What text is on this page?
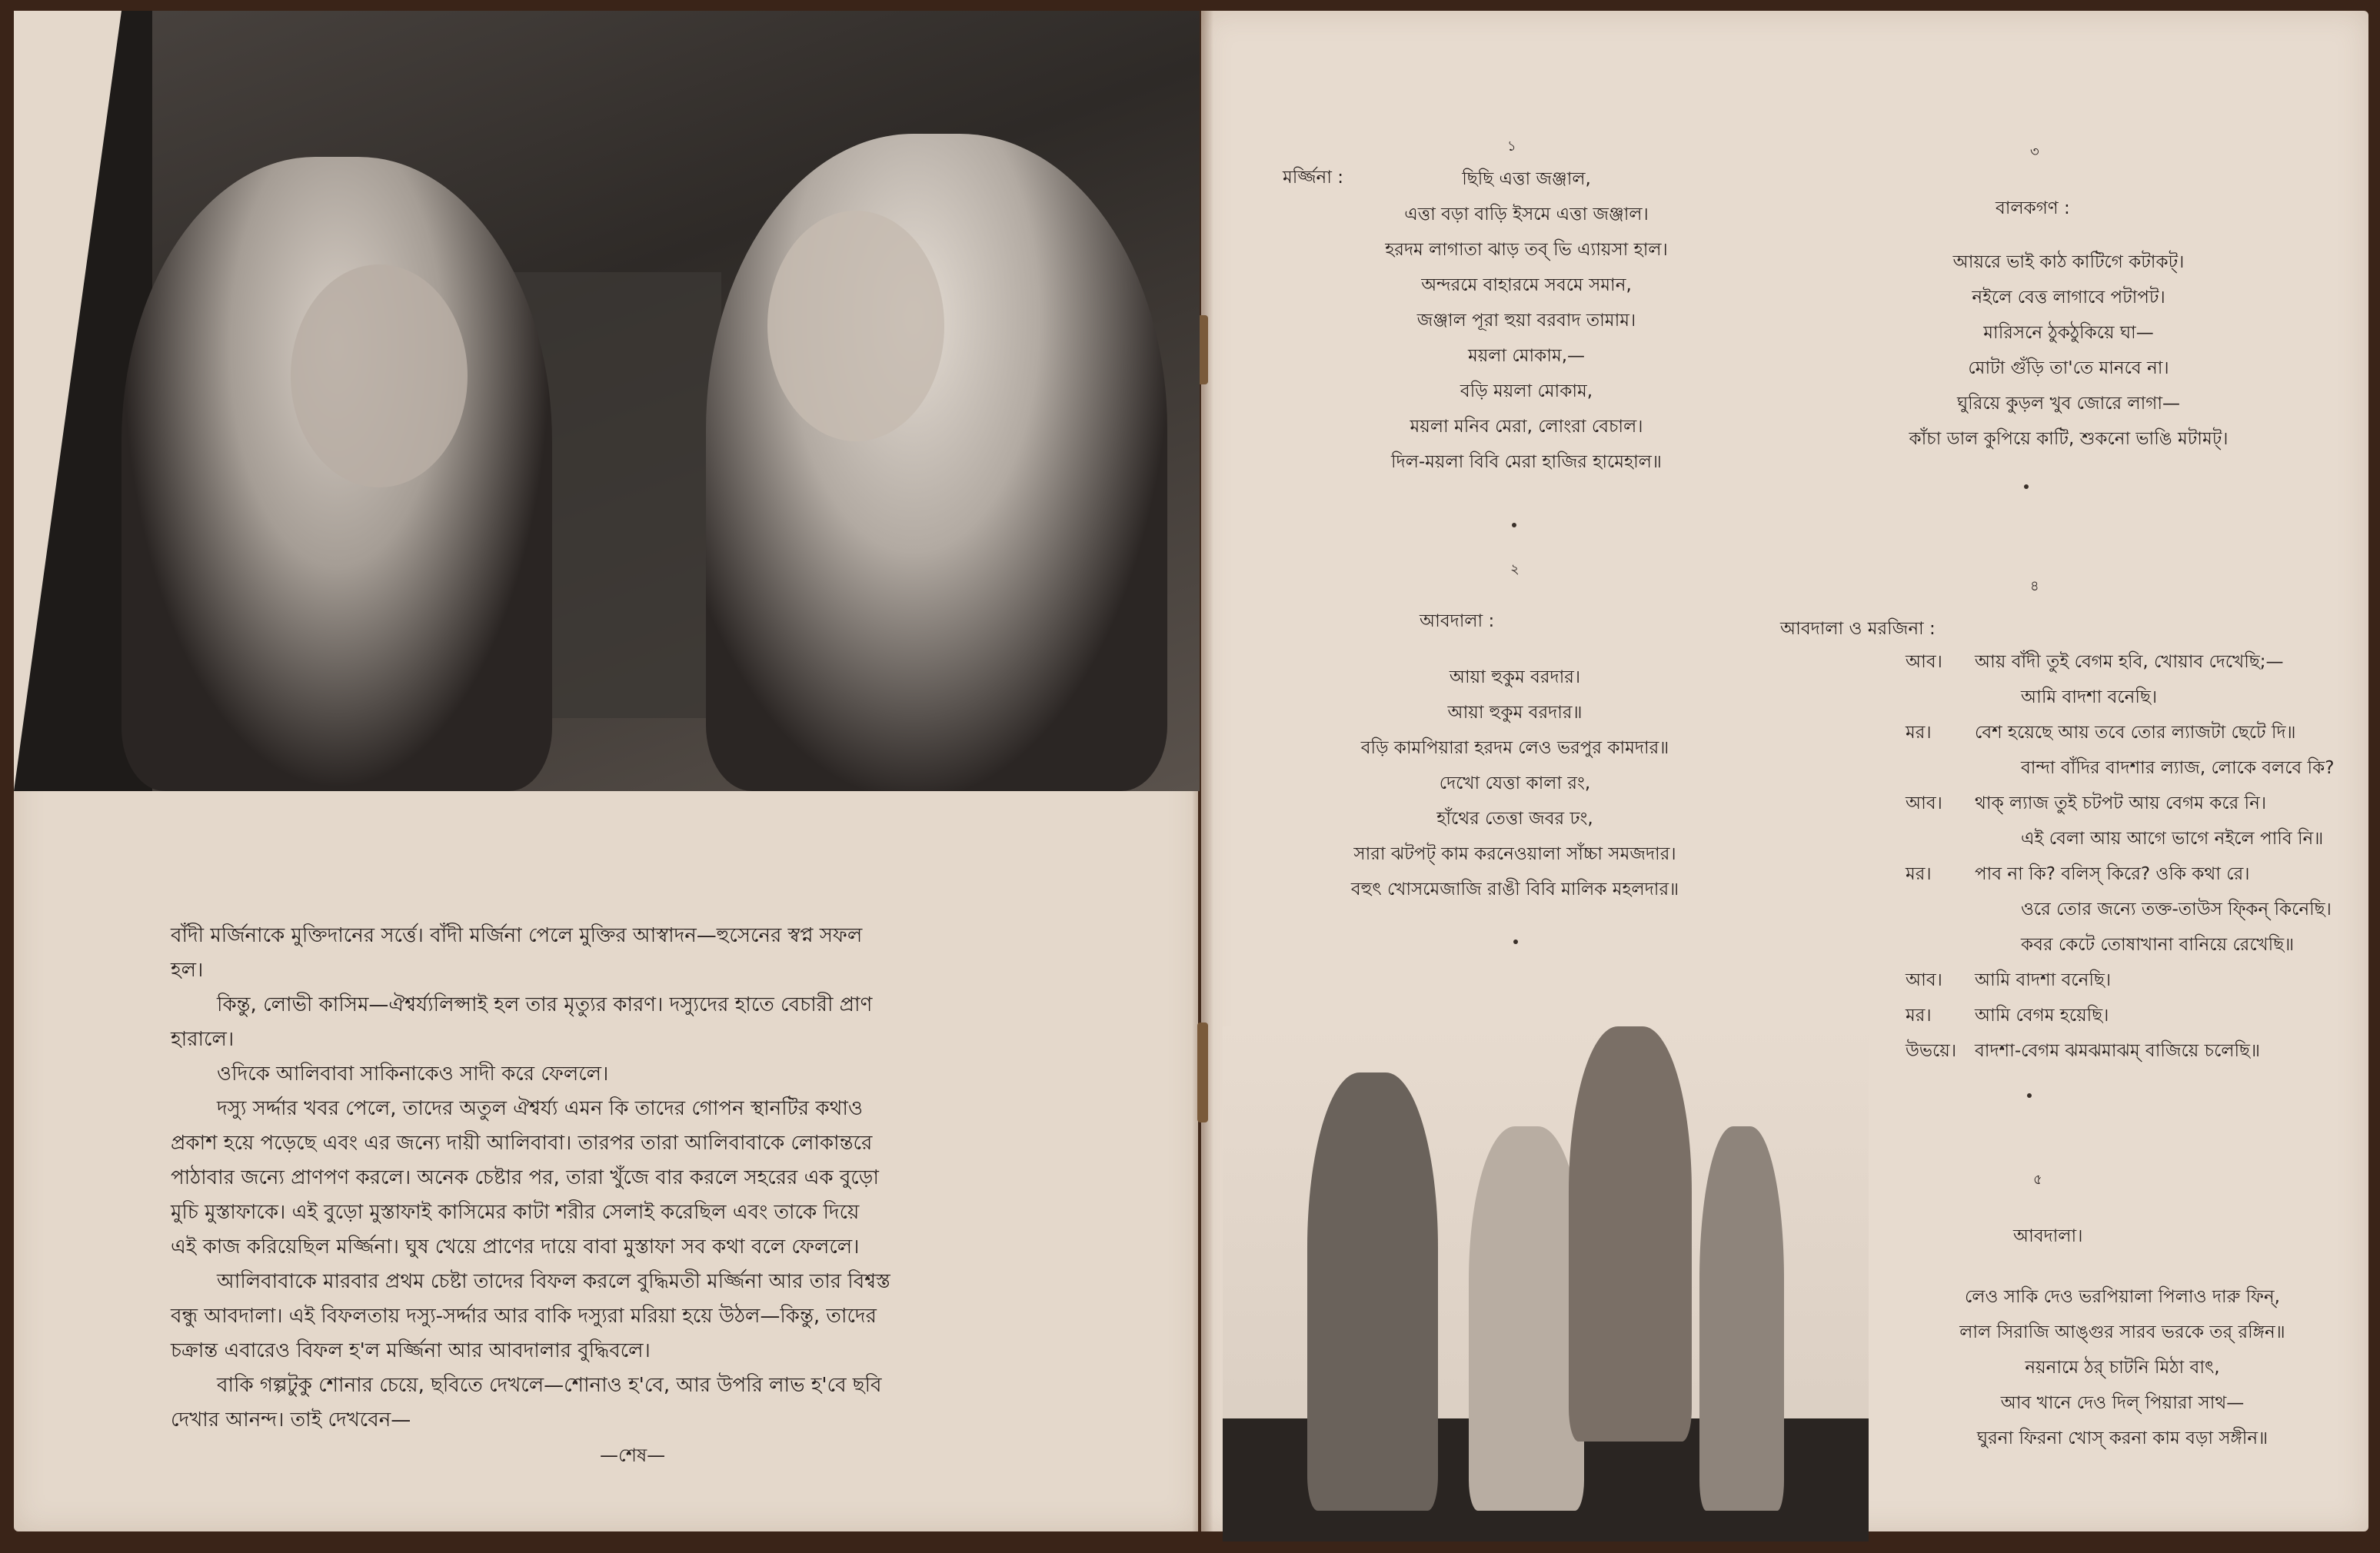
বাঁদী মর্জিনাকে মুক্তিদানের সর্ত্তে। বাঁদী মর্জিনা পেলে মুক্তির আস্বাদন—হুসেনের স্বপ্ন সফল

হল।

কিন্তু, লোভী কাসিম—ঐশ্বর্য্যলিপ্সাই হল তার মৃত্যুর কারণ। দস্যুদের হাতে বেচারী প্রাণ

হারালে।

ওদিকে আলিবাবা সাকিনাকেও সাদী করে ফেললে।

দস্যু সর্দ্দার খবর পেলে, তাদের অতুল ঐশ্বর্য্য এমন কি তাদের গোপন স্থানটির কথাও

প্রকাশ হয়ে পড়েছে এবং এর জন্যে দায়ী আলিবাবা। তারপর তারা আলিবাবাকে লোকান্তরে

পাঠাবার জন্যে প্রাণপণ করলে। অনেক চেষ্টার পর, তারা খুঁজে বার করলে সহরের এক বুড়ো

মুচি মুস্তাফাকে। এই বুড়ো মুস্তাফাই কাসিমের কাটা শরীর সেলাই করেছিল এবং তাকে দিয়ে

এই কাজ করিয়েছিল মর্জ্জিনা। ঘুষ খেয়ে প্রাণের দায়ে বাবা মুস্তাফা সব কথা বলে ফেললে।

আলিবাবাকে মারবার প্রথম চেষ্টা তাদের বিফল করলে বুদ্ধিমতী মর্জ্জিনা আর তার বিশ্বস্ত

বন্ধু আবদালা। এই বিফলতায় দস্যু-সর্দ্দার আর বাকি দস্যুরা মরিয়া হয়ে উঠল—কিন্তু, তাদের

চক্রান্ত এবারেও বিফল হ'ল মর্জ্জিনা আর আবদালার বুদ্ধিবলে।

বাকি গল্পটুকু শোনার চেয়ে, ছবিতে দেখলে—শোনাও হ'বে, আর উপরি লাভ হ'বে ছবি

দেখার আনন্দ। তাই দেখবেন—

—শেষ—
১
মর্জ্জিনা :	ছিছি এত্তা জঞ্জাল,
এত্তা বড়া বাড়ি ইসমে এত্তা জঞ্জাল।
হরদম লাগাতা ঝাড় তব্ ভি এ্যায়সা হাল।
অন্দরমে বাহারমে সবমে সমান,
জঞ্জাল পূরা হুয়া বরবাদ তামাম।
ময়লা মোকাম,—
বড়ি ময়লা মোকাম,
ময়লা মনিব মেরা, লোংরা বেচাল।
দিল-ময়লা বিবি মেরা হাজির হামেহাল॥
২
আবদালা :
আয়া হুকুম বরদার।
আয়া হুকুম বরদার॥
বড়ি কামপিয়ারা হরদম লেও ভরপুর কামদার॥
দেখো যেত্তা কালা রং,
হাঁথের তেত্তা জবর ঢং,
সারা ঝটপট্ কাম করনেওয়ালা সাঁচ্চা সমজদার।
বহুৎ খোসমেজাজি রাঙী বিবি মালিক মহলদার॥
৩
বালকগণ :
আয়রে ভাই কাঠ কাটিগে কটাকট্।
নইলে বেত্ত লাগাবে পটাপট।
মারিসনে ঠুকঠুকিয়ে ঘা—
মোটা গুঁড়ি তা'তে মানবে না।
ঘুরিয়ে কুড়ল খুব জোরে লাগা—
কাঁচা ডাল কুপিয়ে কাটি, শুকনো ভাঙি মটামট্।
৪
আবদালা ও মরজিনা :
আব।	আয় বাঁদী তুই বেগম হবি, খোয়াব দেখেছি;—
আমি বাদশা বনেছি।
মর।	বেশ হয়েছে আয় তবে তোর ল্যাজটা ছেটে দি॥
বান্দা বাঁদির বাদশার ল্যাজ, লোকে বলবে কি?
আব।	থাক্ ল্যাজ তুই চটপট আয় বেগম করে নি।
এই বেলা আয় আগে ভাগে নইলে পাবি নি॥
মর।	পাব না কি? বলিস্ কিরে? ওকি কথা রে।
ওরে তোর জন্যে তক্ত-তাউস ফ্কিন্ কিনেছি।
কবর কেটে তোষাখানা বানিয়ে রেখেছি॥
আব।	আমি বাদশা বনেছি।
মর।	আমি বেগম হয়েছি।
উভয়ে।	বাদশা-বেগম ঝমঝমাঝম্ বাজিয়ে চলেছি॥
৫
আবদালা।
লেও সাকি দেও ভরপিয়ালা পিলাও দারু ফিন্,
লাল সিরাজি আঙ্গুর সারব ভরকে তর্ রঙ্গিন॥
নয়নামে ঠর্ চাটনি মিঠা বাৎ,
আব খানে দেও দিল্ পিয়ারা সাথ—
ঘুরনা ফিরনা খোস্ করনা কাম বড়া সঙ্গীন॥
